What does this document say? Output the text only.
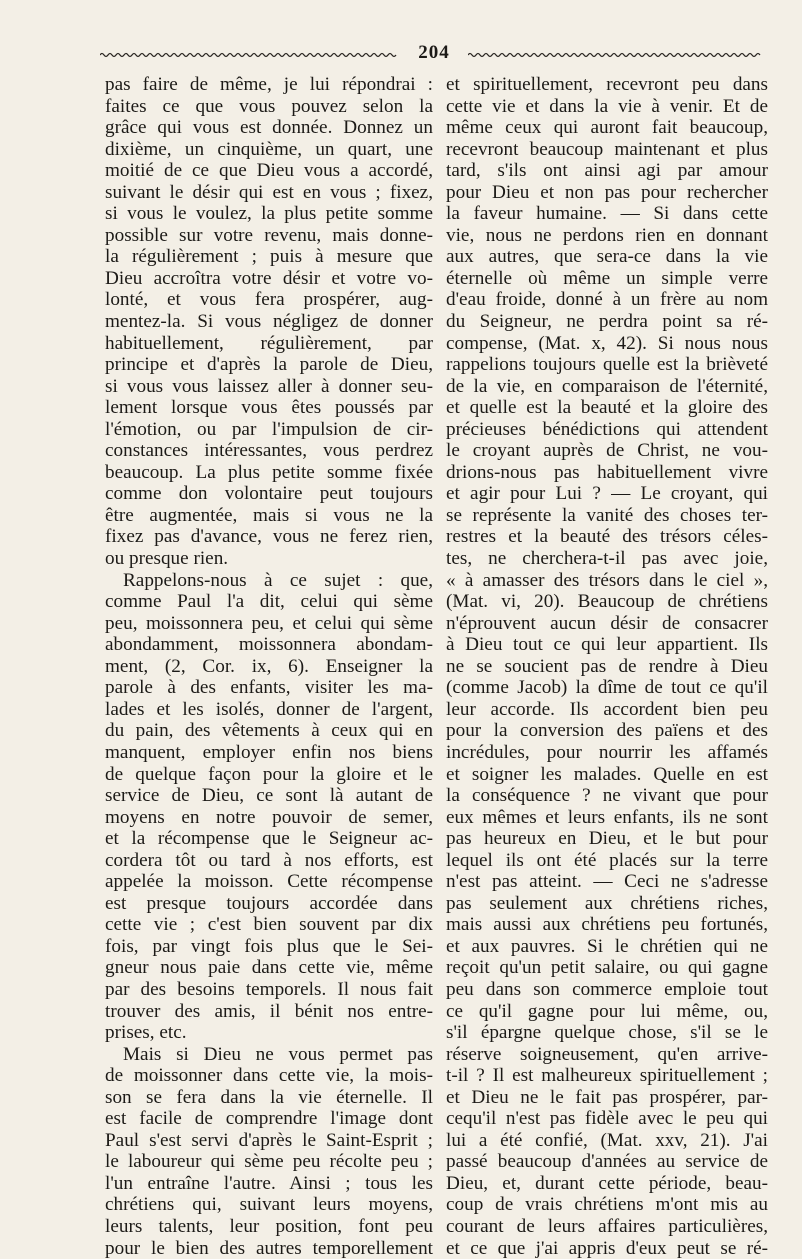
204

pas faire de même, je lui répondrai :

faites ce que vous pouvez selon la

grâce qui vous est donnée. Donnez un

dixième, un cinquième, un quart, une

moitié de ce que Dieu vous a accordé,

suivant le désir qui est en vous ; fixez,

si vous le voulez, la plus petite somme

possible sur votre revenu, mais donne-

la régulièrement ; puis à mesure que

Dieu accroîtra votre désir et votre vo-

lonté, et vous fera prospérer, aug-

mentez-la. Si vous négligez de donner

habituellement, régulièrement, par

principe et d'après la parole de Dieu,

si vous vous laissez aller à donner seu-

lement lorsque vous êtes poussés par

l'émotion, ou par l'impulsion de cir-

constances intéressantes, vous perdrez

beaucoup. La plus petite somme fixée

comme don volontaire peut toujours

être augmentée, mais si vous ne la

fixez pas d'avance, vous ne ferez rien,

ou presque rien.

Rappelons-nous à ce sujet : que,

comme Paul l'a dit, celui qui sème

peu, moissonnera peu, et celui qui sème

abondamment, moissonnera abondam-

ment, (2, Cor. ix, 6). Enseigner la

parole à des enfants, visiter les ma-

lades et les isolés, donner de l'argent,

du pain, des vêtements à ceux qui en

manquent, employer enfin nos biens

de quelque façon pour la gloire et le

service de Dieu, ce sont là autant de

moyens en notre pouvoir de semer,

et la récompense que le Seigneur ac-

cordera tôt ou tard à nos efforts, est

appelée la moisson. Cette récompense

est presque toujours accordée dans

cette vie ; c'est bien souvent par dix

fois, par vingt fois plus que le Sei-

gneur nous paie dans cette vie, même

par des besoins temporels. Il nous fait

trouver des amis, il bénit nos entre-

prises, etc.

Mais si Dieu ne vous permet pas

de moissonner dans cette vie, la mois-

son se fera dans la vie éternelle. Il

est facile de comprendre l'image dont

Paul s'est servi d'après le Saint-Esprit ;

le laboureur qui sème peu récolte peu ;

l'un entraîne l'autre. Ainsi ; tous les

chrétiens qui, suivant leurs moyens,

leurs talents, leur position, font peu

pour le bien des autres temporellement

et spirituellement, recevront peu dans

cette vie et dans la vie à venir. Et de

même ceux qui auront fait beaucoup,

recevront beaucoup maintenant et plus

tard, s'ils ont ainsi agi par amour

pour Dieu et non pas pour rechercher

la faveur humaine. — Si dans cette

vie, nous ne perdons rien en donnant

aux autres, que sera-ce dans la vie

éternelle où même un simple verre

d'eau froide, donné à un frère au nom

du Seigneur, ne perdra point sa ré-

compense, (Mat. x, 42). Si nous nous

rappelions toujours quelle est la brièveté

de la vie, en comparaison de l'éternité,

et quelle est la beauté et la gloire des

précieuses bénédictions qui attendent

le croyant auprès de Christ, ne vou-

drions-nous pas habituellement vivre

et agir pour Lui ? — Le croyant, qui

se représente la vanité des choses ter-

restres et la beauté des trésors céles-

tes, ne cherchera-t-il pas avec joie,

« à amasser des trésors dans le ciel »,

(Mat. vi, 20). Beaucoup de chrétiens

n'éprouvent aucun désir de consacrer

à Dieu tout ce qui leur appartient. Ils

ne se soucient pas de rendre à Dieu

(comme Jacob) la dîme de tout ce qu'il

leur accorde. Ils accordent bien peu

pour la conversion des païens et des

incrédules, pour nourrir les affamés

et soigner les malades. Quelle en est

la conséquence ? ne vivant que pour

eux mêmes et leurs enfants, ils ne sont

pas heureux en Dieu, et le but pour

lequel ils ont été placés sur la terre

n'est pas atteint. — Ceci ne s'adresse

pas seulement aux chrétiens riches,

mais aussi aux chrétiens peu fortunés,

et aux pauvres. Si le chrétien qui ne

reçoit qu'un petit salaire, ou qui gagne

peu dans son commerce emploie tout

ce qu'il gagne pour lui même, ou,

s'il épargne quelque chose, s'il se le

réserve soigneusement, qu'en arrive-

t-il ? Il est malheureux spirituellement ;

et Dieu ne le fait pas prospérer, par-

cequ'il n'est pas fidèle avec le peu qui

lui a été confié, (Mat. xxv, 21). J'ai

passé beaucoup d'années au service de

Dieu, et, durant cette période, beau-

coup de vrais chrétiens m'ont mis au

courant de leurs affaires particulières,

et ce que j'ai appris d'eux peut se ré-
